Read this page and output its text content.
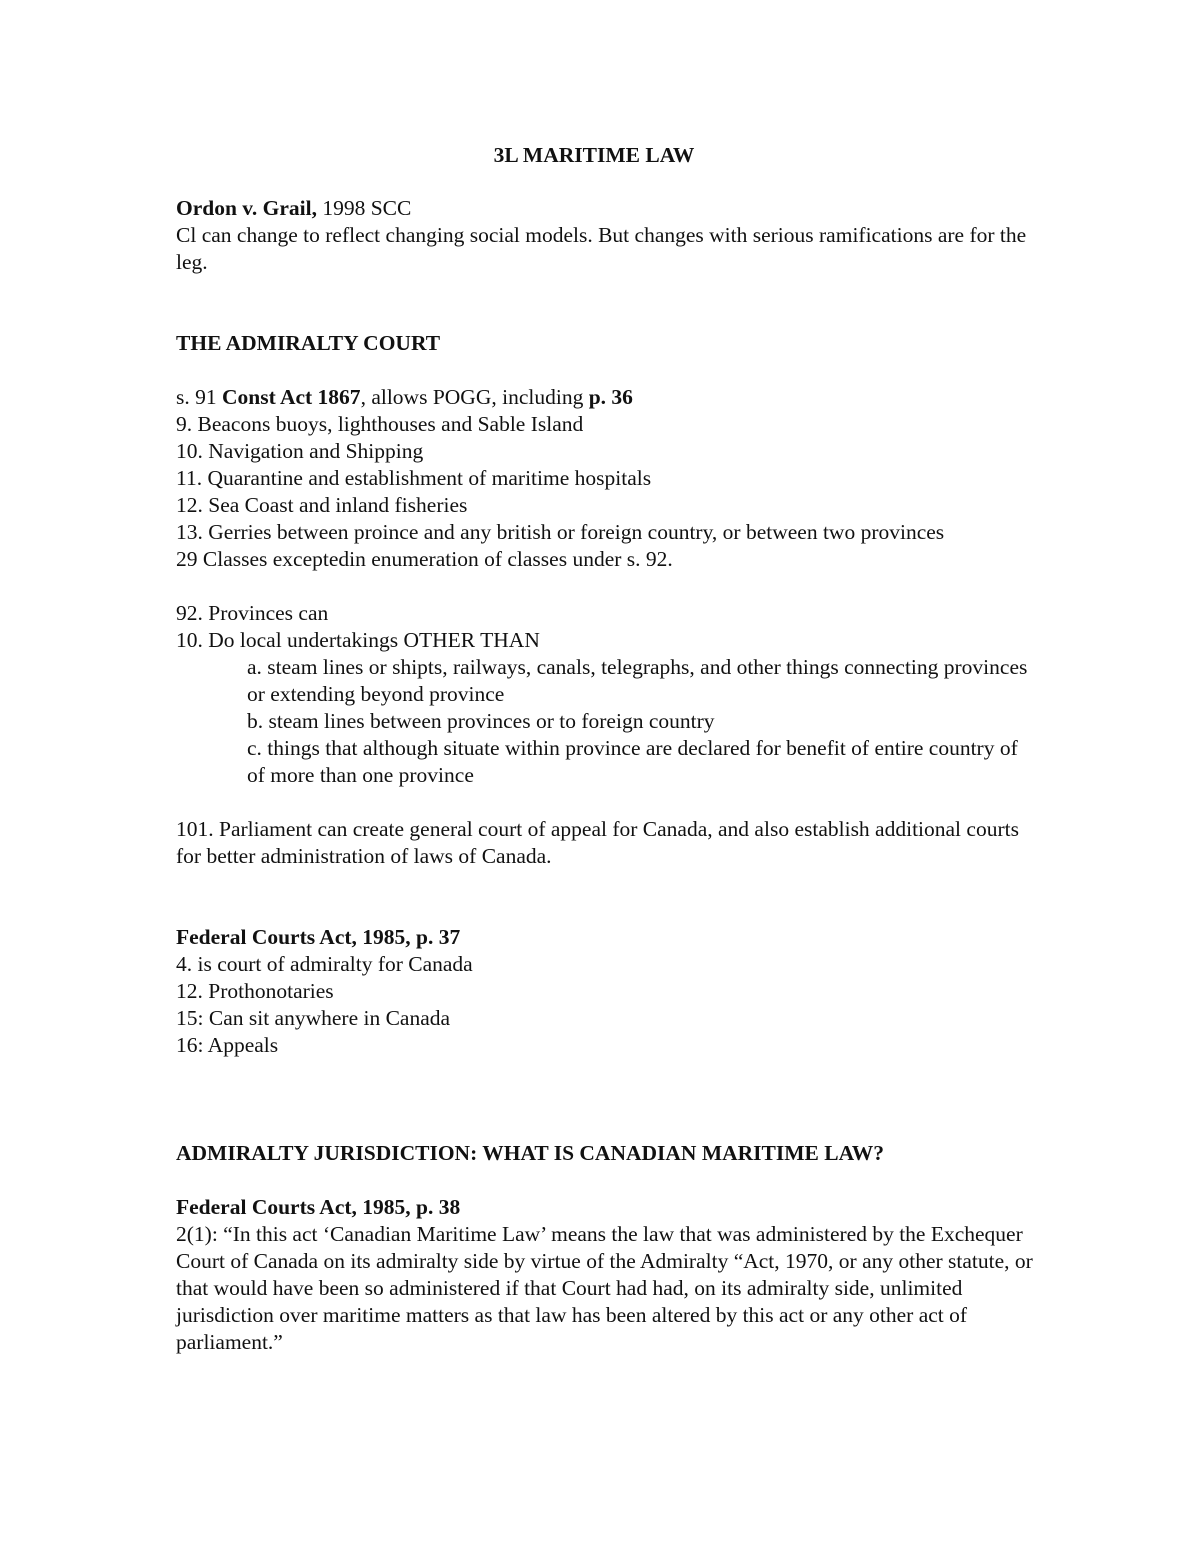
3L MARITIME LAW
Ordon v. Grail, 1998 SCC
Cl can change to reflect changing social models. But changes with serious ramifications are for the leg.
THE ADMIRALTY COURT
s. 91 Const Act 1867, allows POGG, including p. 36
9. Beacons buoys, lighthouses and Sable Island
10. Navigation and Shipping
11. Quarantine and establishment of maritime hospitals
12. Sea Coast and inland fisheries
13. Gerries between proince and any british or foreign country, or between two provinces
29 Classes exceptedin enumeration of classes under s. 92.
92. Provinces can
10. Do local undertakings OTHER THAN
a. steam lines or shipts, railways, canals, telegraphs, and other things connecting provinces or extending beyond province
b. steam lines between provinces or to foreign country
c. things that although situate within province are declared for benefit of entire country of of more than one province
101. Parliament can create general court of appeal for Canada, and also establish additional courts for better administration of laws of Canada.
Federal Courts Act, 1985, p. 37
4. is court of admiralty for Canada
12. Prothonotaries
15: Can sit anywhere in Canada
16: Appeals
ADMIRALTY JURISDICTION: WHAT IS CANADIAN MARITIME LAW?
Federal Courts Act, 1985, p. 38
2(1): “In this act ‘Canadian Maritime Law’ means the law that was administered by the Exchequer Court of Canada on its admiralty side by virtue of the Admiralty “Act, 1970, or any other statute, or that would have been so administered if that Court had had, on its admiralty side, unlimited jurisdiction over maritime matters as that law has been altered by this act or any other act of parliament.”
